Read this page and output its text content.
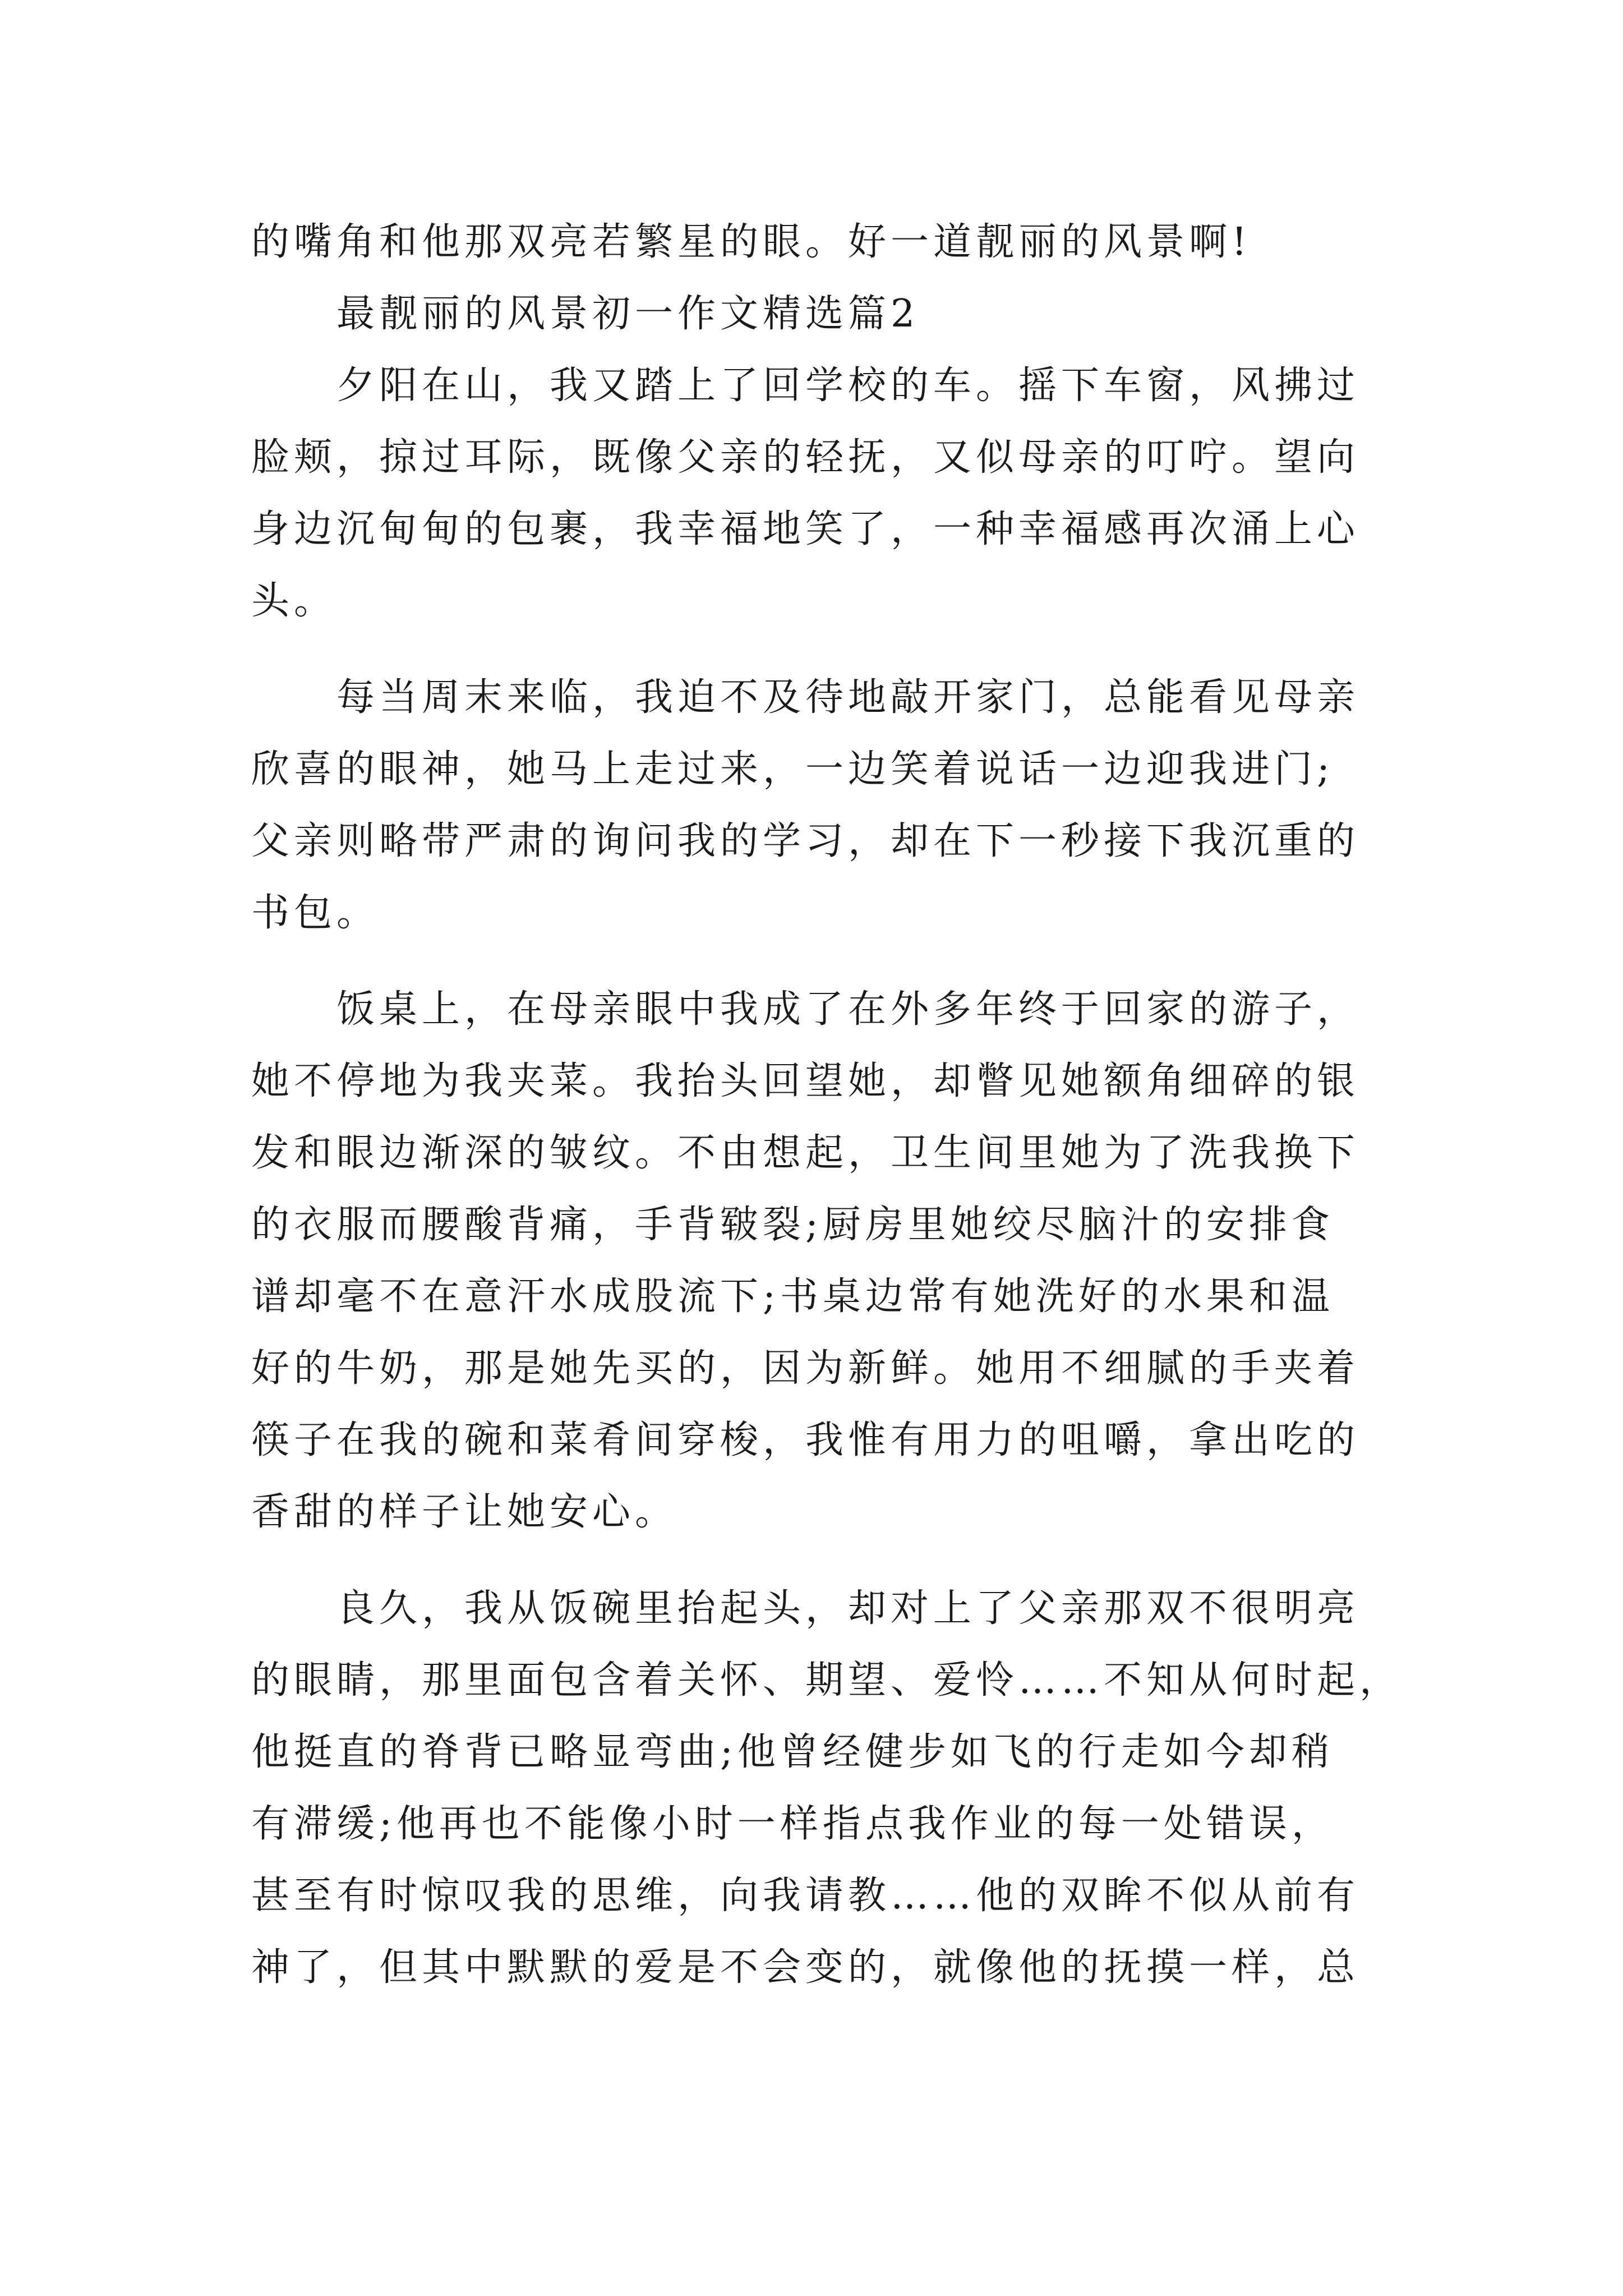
的嘴角和他那双亮若繁星的眼。好一道靓丽的风景啊!

最靓丽的风景初一作文精选篇2

夕阳在山，我又踏上了回学校的车。摇下车窗，风拂过
脸颊，掠过耳际，既像父亲的轻抚，又似母亲的叮咛。望向
身边沉甸甸的包裹，我幸福地笑了，一种幸福感再次涌上心
头。

每当周末来临，我迫不及待地敲开家门，总能看见母亲
欣喜的眼神，她马上走过来，一边笑着说话一边迎我进门;
父亲则略带严肃的询问我的学习，却在下一秒接下我沉重的
书包。

饭桌上，在母亲眼中我成了在外多年终于回家的游子，
她不停地为我夹菜。我抬头回望她，却瞥见她额角细碎的银
发和眼边渐深的皱纹。不由想起，卫生间里她为了洗我换下
的衣服而腰酸背痛，手背皲裂;厨房里她绞尽脑汁的安排食
谱却毫不在意汗水成股流下;书桌边常有她洗好的水果和温
好的牛奶，那是她先买的，因为新鲜。她用不细腻的手夹着
筷子在我的碗和菜肴间穿梭，我惟有用力的咀嚼，拿出吃的
香甜的样子让她安心。

良久，我从饭碗里抬起头，却对上了父亲那双不很明亮
的眼睛，那里面包含着关怀、期望、爱怜……不知从何时起，
他挺直的脊背已略显弯曲;他曾经健步如飞的行走如今却稍
有滞缓;他再也不能像小时一样指点我作业的每一处错误，
甚至有时惊叹我的思维，向我请教……他的双眸不似从前有
神了，但其中默默的爱是不会变的，就像他的抚摸一样，总
